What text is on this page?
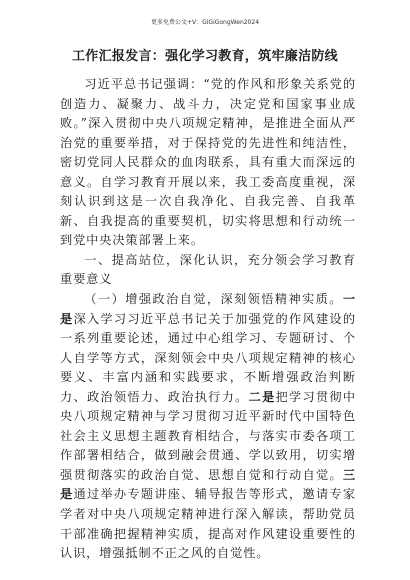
更多免费公文+V：GiGiGongWen2024
工作汇报发言：强化学习教育，筑牢廉洁防线

习近平总书记强调：“党的作风和形象关系党的创造力、凝聚力、战斗力，决定党和国家事业成败。”深入贯彻中央八项规定精神，是推进全面从严治党的重要举措，对于保持党的先进性和纯洁性，密切党同人民群众的血肉联系，具有重大而深远的意义。自学习教育开展以来，我工委高度重视，深刻认识到这是一次自我净化、自我完善、自我革新、自我提高的重要契机，切实将思想和行动统一到党中央决策部署上来。

一、提高站位，深化认识，充分领会学习教育重要意义

（一）增强政治自觉，深刻领悟精神实质。一是深入学习习近平总书记关于加强党的作风建设的一系列重要论述，通过中心组学习、专题研讨、个人自学等方式，深刻领会中央八项规定精神的核心要义、丰富内涵和实践要求，不断增强政治判断力、政治领悟力、政治执行力。二是把学习贯彻中央八项规定精神与学习贯彻习近平新时代中国特色社会主义思想主题教育相结合，与落实市委各项工作部署相结合，做到融会贯通、学以致用，切实增强贯彻落实的政治自觉、思想自觉和行动自觉。三是通过举办专题讲座、辅导报告等形式，邀请专家学者对中央八项规定精神进行深入解读，帮助党员干部准确把握精神实质，提高对作风建设重要性的认识，增强抵制不正之风的自觉性。
